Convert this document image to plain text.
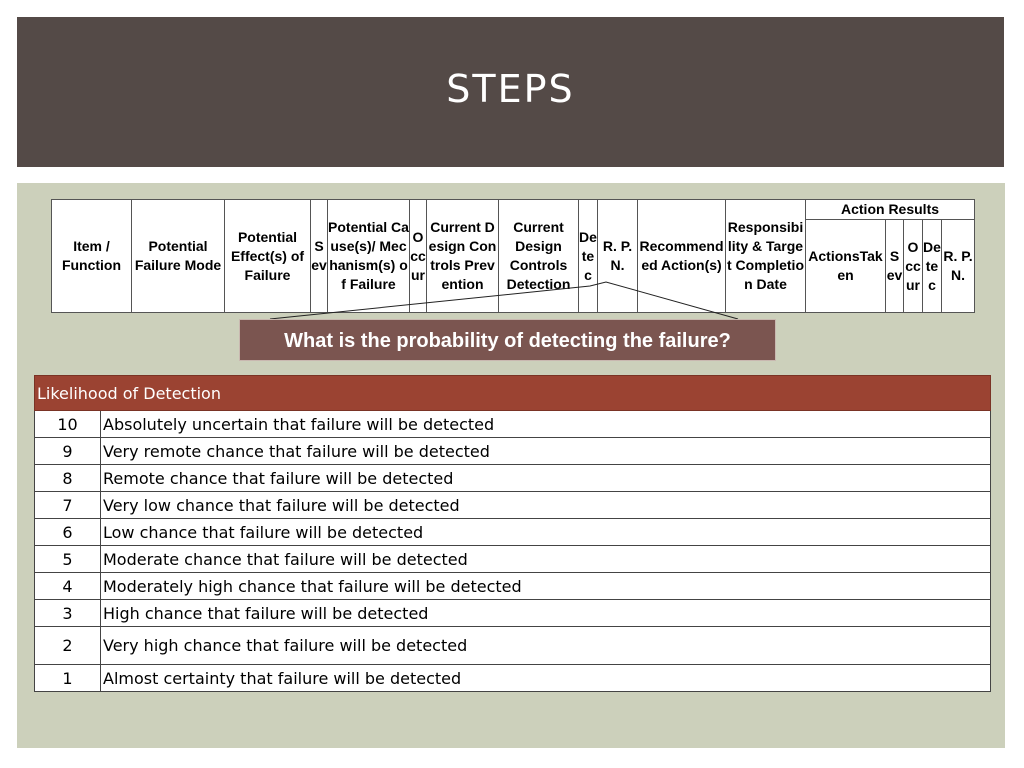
STEPS
Item /
Function	Potential Failure Mode	Potential Effect(s) of Failure	Sev	Potential Cause(s)/ Mechanism(s) of Failure	Occur	Current Design Controls Prevention	Current Design Controls Detection	Detec	R. P. N.	Recommended Action(s)	Responsibility & Target Completion Date	Action Results				
												ActionsTaken	Sev	Occur	Detec	R. P. N.
What is the probability of detecting the failure?
Likelihood of Detection	
10	Absolutely uncertain that failure will be detected
9	Very remote chance that failure will be detected
8	Remote chance that failure will be detected
7	Very low chance that failure will be detected
6	Low chance that failure will be detected
5	Moderate chance that failure will be detected
4	Moderately high chance that failure will be detected
3	High chance that failure will be detected
2	Very high chance that failure will be detected
1	Almost certainty that failure will be detected
